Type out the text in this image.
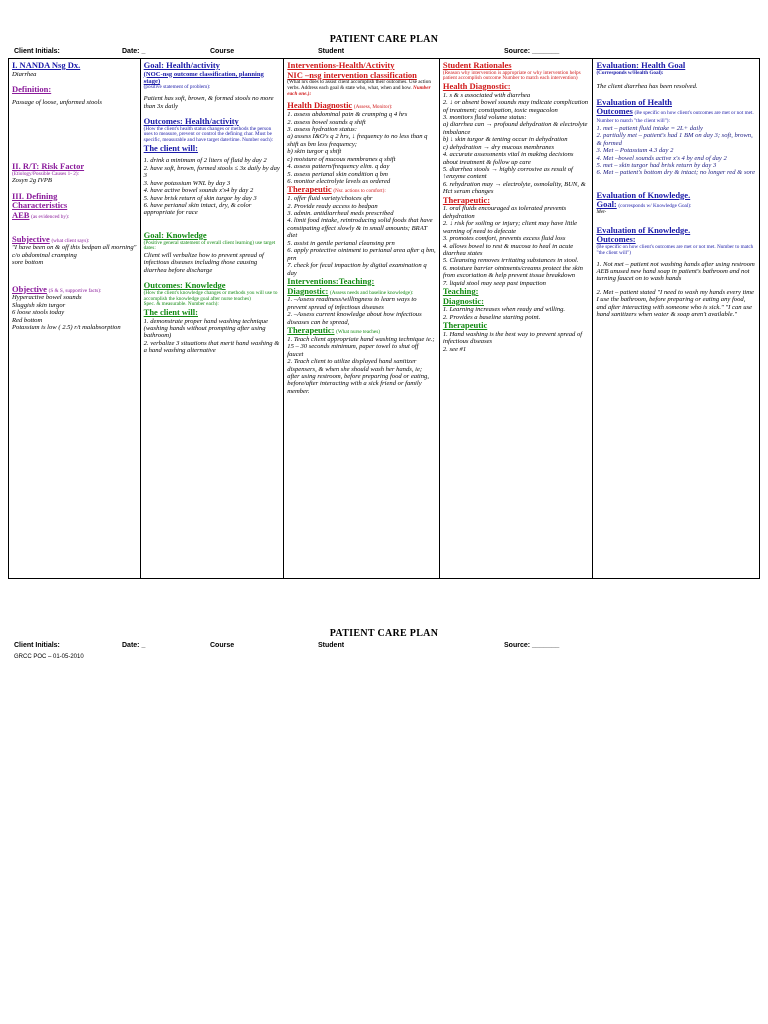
PATIENT CARE PLAN
Client Initials:	Date: _	Course	Student	Source: _______

I. NANDA Nsg Dx.

Diarrhea

Definition:

Passage of loose, unformed stools

II. R/T: Risk Factor

(Etiology/Possible Causes 1- 2):

Zosyn 2g IVPB

III. Defining
Characteristics

AEB (as evidenced by):

Subjective (what client says):

"I have been on & off this bedpan all morning"

c/o abdominal cramping
sore bottom

Objective (S & S, supportive facts):

Hyperactive bowel sounds
Sluggish skin turgor
6 loose stools today
Red bottom
Potassium is low ( 2.5) r/t malabsorption

Goal: Health/activity

(NOC-nsg outcome classification, planning stage)

(positive statement of problem):

Patient has soft, brown, & formed stools no more than 3x daily

Outcomes: Health/activity

(How the client's health status changes or methods the person uses to measure, prevent or control the defining char. Must be specific, measurable and have target date/time. Number each):

The client will:

1. drink a minimum of 2 liters of fluid by day 2
2. have soft, brown, formed stools ≤ 3x daily by day 3
3. have potassium WNL by day 3
4. have active bowel sounds x's4 by day 2
5. have brisk return of skin turgor by day 3
6. have perianal skin intact, dry, & color appropriate for race

Goal: Knowledge

(Positive general statement of overall client learning) use target dates:

Client will verbalize how to prevent spread of infectious diseases including those causing diarrhea before discharge

Outcomes: Knowledge

(How the client's knowledge changes or methods you will use to accomplish the knowledge goal after nurse teaches)

Spec. & measurable. Number each):

The client will:

1. demonstrate proper hand washing technique (washing hands without prompting after using bathroom)
2. verbalize 3 situations that merit hand washing & a hand washing alternative

Interventions-Health/Activity

NIC –nsg intervention classification

(What nrs does to assist client accomplish their outcomes. Use action verbs. Address each goal & state who, what, when and how. Number each one.):

Health Diagnostic (Assess, Monitor):

1. assess abdominal pain & cramping q 4 hrs
2. assess bowel sounds q shift
3. assess hydration status:
a) assess I&O's q 2 hrs, ↓ frequency to no less than q shift as bm less frequency;
b) skin turgor q shift
c) moisture of mucous membranes q shift
4. assess pattern/frequency elim. q day
5. assess perianal skin condition q bm
6. monitor electrolyte levels as ordered

Therapeutic (Nsr. actions to comfort):

1. offer fluid variety/choices qhr
2. Provide ready access to bedpan
3. admin. antidiarrheal meds prescribed
4. limit food intake, reintroducing solid foods that have constipating effect slowly & in small amounts; BRAT diet
5. assist in gentle perianal cleansing prn
6. apply protective ointment to perianal area after q bm, prn
7. check for fecal impaction by digital examination q day

Interventions:Teaching:

Diagnostic: (Assess needs and baseline knowledge):

1. –Assess readiness/willingness to learn ways to prevent spread of infectious diseases
2. –Assess current knowledge about how infectious diseases can be spread,

Therapeutic: (What nurse teaches)

1. Teach client appropriate hand washing technique ie.; 15 – 30 seconds minimum, paper towel to shut off faucet
2. Teach client to utilize displayed hand sanitizer dispensers, & when she should wash her hands, ie; after using restroom, before preparing food or eating, before/after interacting with a sick friend or family member.

Student Rationales

(Reason why intervention is appropriate or why intervention helps patient accomplish outcome Number to match each intervention)

Health Diagnostic:

1. s & s associated with diarrhea
2. ↓ or absent bowel sounds may indicate complication of treatment; constipation, toxic megacolon
3. monitors fluid volume status:
a) diarrhea can → profound dehydration & electrolyte imbalance
b) ↓ skin turgor & tenting occur in dehydration
c) dehydration → dry mucous membranes
4. accurate assessments vital in making decisions about treatment & follow up care
5. diarrhea stools → highly corrosive as result of ↑enzyme content
6. rehydration may → electrolyte, osmolality, BUN, & Hct serum changes

Therapeutic:

1. oral fluids encouraged as tolerated prevents dehydration
2. ↓ risk for soiling or injury; client may have little warning of need to defecate
3. promotes comfort, prevents excess fluid loss
4. allows bowel to rest & mucosa to heal in acute diarrhea states
5. Cleansing removes irritating substances in stool.
6. moisture barrier ointments/creams protect the skin from excoriation & help prevent tissue breakdown
7. liquid stool may seep past impaction

Teaching:

Diagnostic:

1. Learning increases when ready and willing.
2. Provides a baseline starting point.

Therapeutic

1. Hand washing is the best way to prevent spread of infectious diseases
2. see #1

Evaluation: Health Goal

(Corresponds w/Health Goal):

The client diarrhea has been resolved.

Evaluation of Health

Outcomes (Be specific on how client's outcomes are met or not met. Number to match "the client will"):

1. met – patient fluid intake = 2L+ daily
2. partially met – patient's had 1 BM on day 3; soft, brown, & formed
3. Met – Potassium 4.3 day 2
4. Met –bowel sounds active x's 4 by end of day 2
5. met – skin turgor had brisk return by day 3
6. Met – patient's bottom dry & intact; no longer red & sore

Evaluation of Knowledge.

Goal: (corresponds w/ Knowledge Goal):

Met-

Evaluation of Knowledge.

Outcomes:

(Be specific on how client's outcomes are met or not met. Number to match "the client will")

1. Not met – patient not washing hands after using restroom AEB unused new hand soap in patient's bathroom and not turning faucet on to wash hands
2. Met – patient stated "I need to wash my hands every time I use the bathroom, before preparing or eating any food, and after interacting with someone who is sick." "I can use hand sanitizers when water & soap aren't available."
PATIENT CARE PLAN
Client Initials:	Date: _	Course	Student	Source: _______
GRCC POC – 01-05-2010
